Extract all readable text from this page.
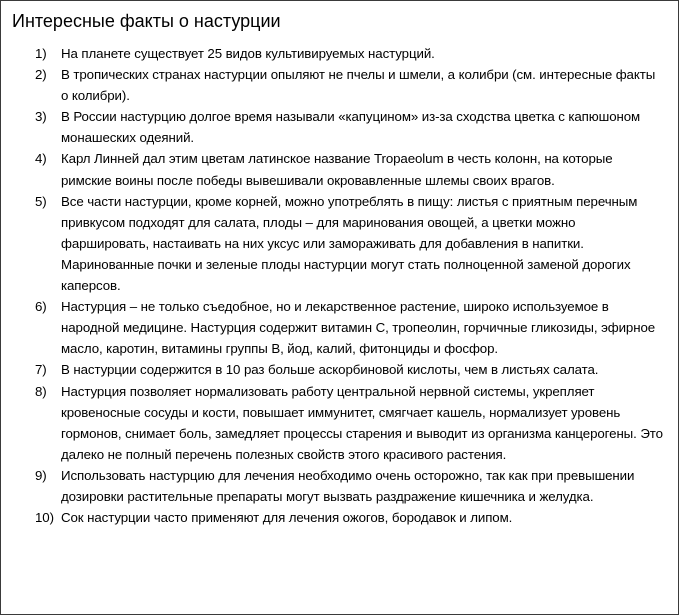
Интересные факты о настурции
1) На планете существует 25 видов культивируемых настурций.
2) В тропических странах настурции опыляют не пчелы и шмели, а колибри (см. интересные факты о колибри).
3) В России настурцию долгое время называли «капуцином» из-за сходства цветка с капюшоном монашеских одеяний.
4) Карл Линней дал этим цветам латинское название Tropaeolum в честь колонн, на которые римские воины после победы вывешивали окровавленные шлемы своих врагов.
5) Все части настурции, кроме корней, можно употреблять в пищу: листья с приятным перечным привкусом подходят для салата, плоды – для маринования овощей, а цветки можно фаршировать, настаивать на них уксус или замораживать для добавления в напитки. Маринованные почки и зеленые плоды настурции могут стать полноценной заменой дорогих каперсов.
6) Настурция – не только съедобное, но и лекарственное растение, широко используемое в народной медицине. Настурция содержит витамин С, тропеолин, горчичные гликозиды, эфирное масло, каротин, витамины группы В, йод, калий, фитонциды и фосфор.
7) В настурции содержится в 10 раз больше аскорбиновой кислоты, чем в листьях салата.
8) Настурция позволяет нормализовать работу центральной нервной системы, укрепляет кровеносные сосуды и кости, повышает иммунитет, смягчает кашель, нормализует уровень гормонов, снимает боль, замедляет процессы старения и выводит из организма канцерогены. Это далеко не полный перечень полезных свойств этого красивого растения.
9) Использовать настурцию для лечения необходимо очень осторожно, так как при превышении дозировки растительные препараты могут вызвать раздражение кишечника и желудка.
10) Сок настурции часто применяют для лечения ожогов, бородавок и липом.
